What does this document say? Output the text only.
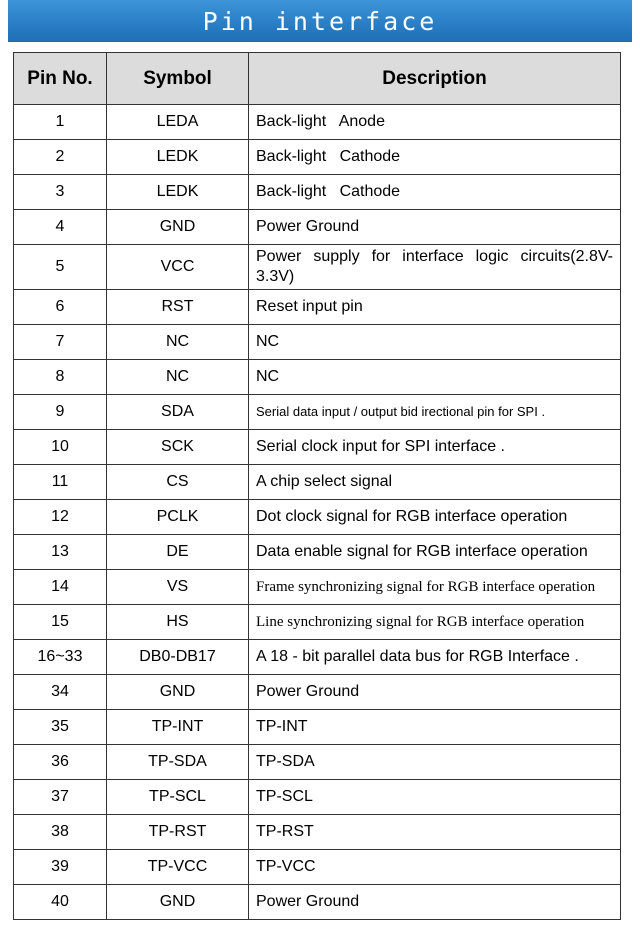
Pin interface
Pin No.	Symbol	Description
1	LEDA	Back-light   Anode
2	LEDK	Back-light   Cathode
3	LEDK	Back-light   Cathode
4	GND	Power Ground
5	VCC	Power supply for interface logic circuits(2.8V-3.3V)
6	RST	Reset input pin
7	NC	NC
8	NC	NC
9	SDA	Serial data input / output bid irectional pin for SPI .
10	SCK	Serial clock input for SPI interface .
11	CS	A chip select signal
12	PCLK	Dot clock signal for RGB interface operation
13	DE	Data enable signal for RGB interface operation
14	VS	Frame synchronizing signal for RGB interface operation
15	HS	Line synchronizing signal for RGB interface operation
16~33	DB0-DB17	A 18 - bit parallel data bus for RGB Interface .
34	GND	Power Ground
35	TP-INT	TP-INT
36	TP-SDA	TP-SDA
37	TP-SCL	TP-SCL
38	TP-RST	TP-RST
39	TP-VCC	TP-VCC
40	GND	Power Ground
